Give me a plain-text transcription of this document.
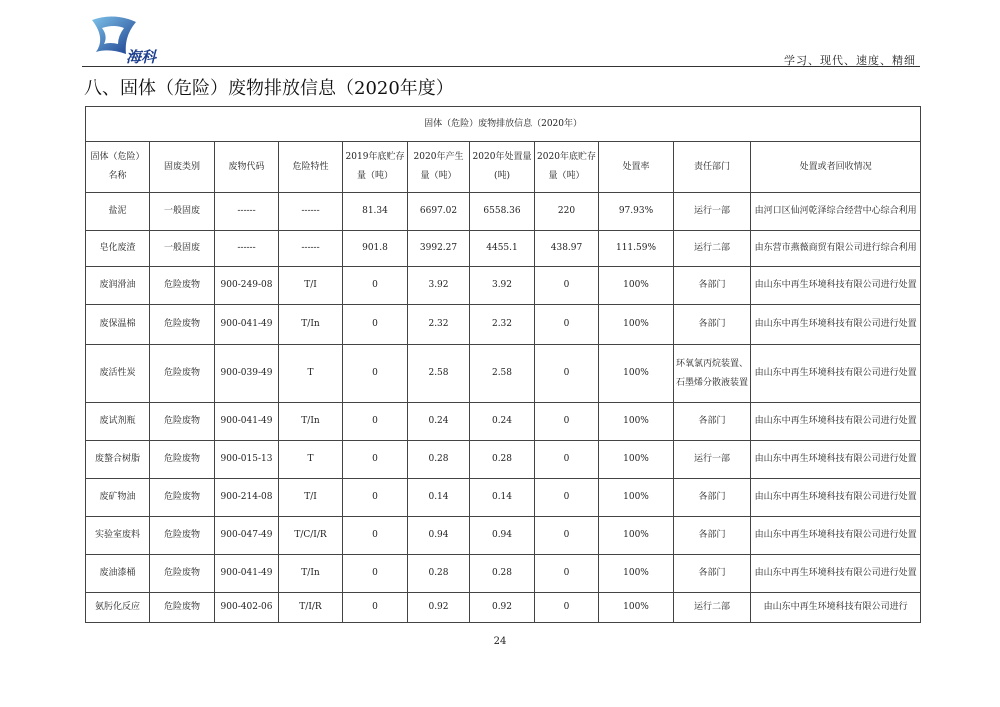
海科	学习、现代、速度、精细
八、固体（危险）废物排放信息（2020年度）
固体（危险）废物排放信息（2020年）										
固体（危险）名称	固废类别	废物代码	危险特性	2019年底贮存量（吨）	2020年产生量（吨）	2020年处置量(吨)	2020年底贮存量（吨）	处置率	责任部门	处置或者回收情况
盐泥	一般固废	------	------	81.34	6697.02	6558.36	220	97.93%	运行一部	由河口区仙河乾泽综合经营中心综合利用
皂化废渣	一般固废	------	------	901.8	3992.27	4455.1	438.97	111.59%	运行二部	由东营市燕薇商贸有限公司进行综合利用
废润滑油	危险废物	900-249-08	T/I	0	3.92	3.92	0	100%	各部门	由山东中再生环境科技有限公司进行处置
废保温棉	危险废物	900-041-49	T/In	0	2.32	2.32	0	100%	各部门	由山东中再生环境科技有限公司进行处置
废活性炭	危险废物	900-039-49	T	0	2.58	2.58	0	100%	环氧氯丙烷装置、石墨烯分散液装置	由山东中再生环境科技有限公司进行处置
废试剂瓶	危险废物	900-041-49	T/In	0	0.24	0.24	0	100%	各部门	由山东中再生环境科技有限公司进行处置
废螯合树脂	危险废物	900-015-13	T	0	0.28	0.28	0	100%	运行一部	由山东中再生环境科技有限公司进行处置
废矿物油	危险废物	900-214-08	T/I	0	0.14	0.14	0	100%	各部门	由山东中再生环境科技有限公司进行处置
实验室废料	危险废物	900-047-49	T/C/I/R	0	0.94	0.94	0	100%	各部门	由山东中再生环境科技有限公司进行处置
废油漆桶	危险废物	900-041-49	T/In	0	0.28	0.28	0	100%	各部门	由山东中再生环境科技有限公司进行处置
氨肟化反应	危险废物	900-402-06	T/I/R	0	0.92	0.92	0	100%	运行二部	由山东中再生环境科技有限公司进行
24
